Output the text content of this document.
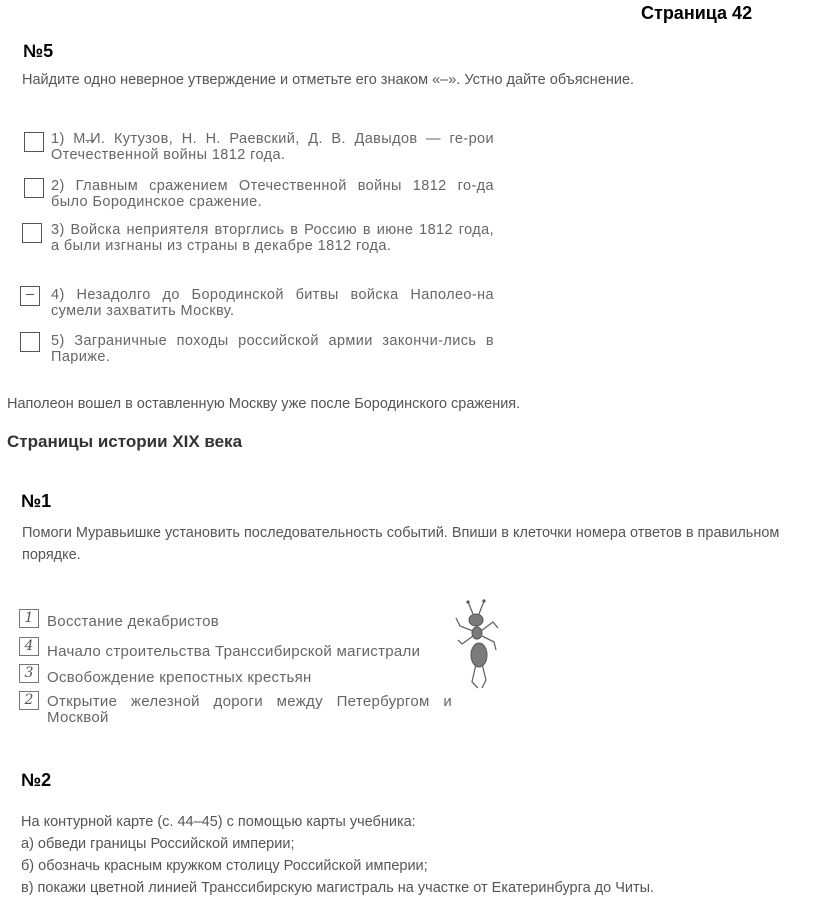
Страница 42
№5
Найдите одно неверное утверждение и отметьте его знаком «–». Устно дайте объяснение.
1) М.̶И. Кутузов, Н. Н. Раевский, Д. В. Давыдов — ге-рои Отечественной войны 1812 года.
2) Главным сражением Отечественной войны 1812 го-да было Бородинское сражение.
3) Войска неприятеля вторглись в Россию в июне 1812 года, а были изгнаны из страны в декабре 1812 года.
–	4) Незадолго до Бородинской битвы войска Наполео-на сумели захватить Москву.
5) Заграничные походы российской армии закончи-лись в Париже.
Наполеон вошел в оставленную Москву уже после Бородинского сражения.
Страницы истории XIX века
№1
Помоги Муравьишке установить последовательность событий. Впиши в клеточки номера ответов в правильном порядке.
1 Восстание декабристов
4 Начало строительства Транссибирской магистрали
3 Освобождение крепостных крестьян
2 Открытие железной дороги между Петербургом и Москвой
№2
На контурной карте (с. 44–45) с помощью карты учебника:
а) обведи границы Российской империи;
б) обозначь красным кружком столицу Российской империи;
в) покажи цветной линией Транссибирскую магистраль на участке от Екатеринбурга до Читы.
